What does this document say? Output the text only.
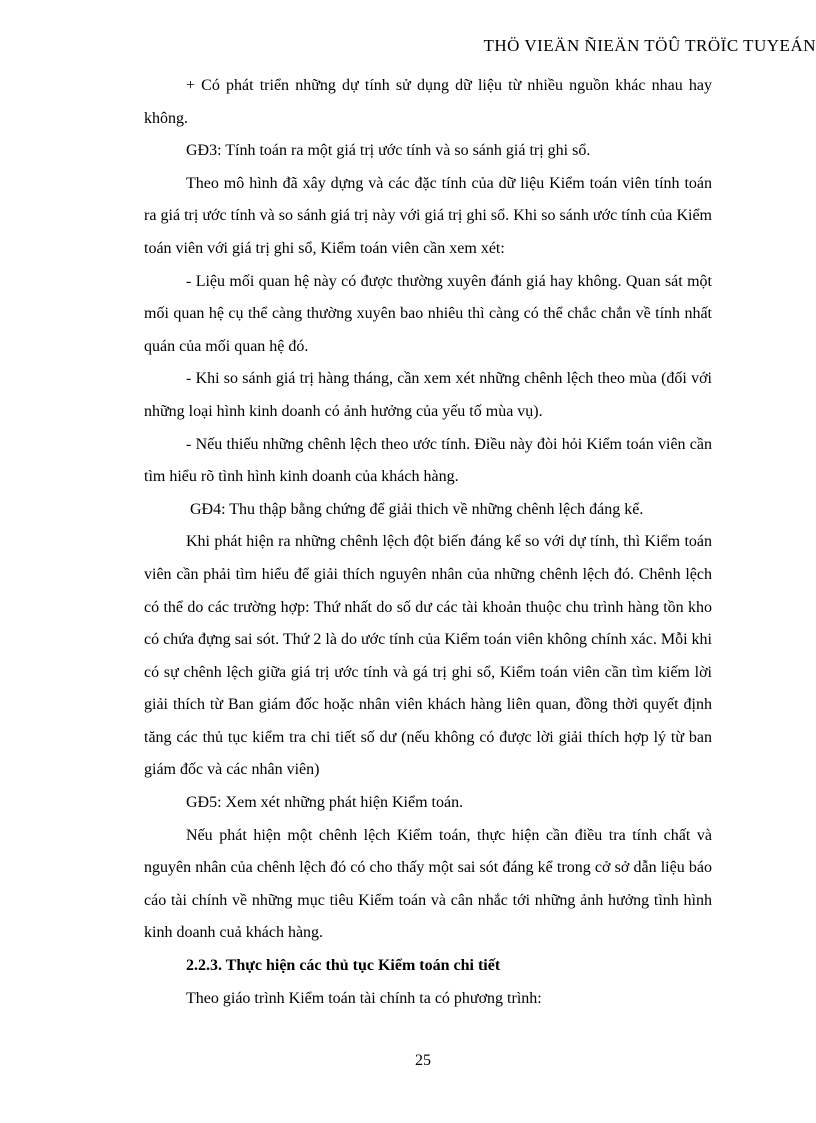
THÖ VIEÄN ÑIEÄN TÖÛ TRÖÏC TUYEÁN

+ Có phát triển những dự tính sử dụng dữ liệu từ nhiều nguồn khác nhau hay không.

GĐ3: Tính toán ra một giá trị ước tính và so sánh giá trị ghi sổ.

Theo mô hình đã xây dựng và các đặc tính của dữ liệu Kiểm toán viên tính toán ra giá trị ước tính và so sánh giá trị này với giá trị ghi sổ. Khi so sánh ước tính của Kiểm toán viên với giá trị ghi sổ, Kiểm toán viên cần xem xét:

- Liệu mối quan hệ này có được thường xuyên đánh giá hay không. Quan sát một mối quan hệ cụ thể càng thường xuyên bao nhiêu thì càng có thể chắc chắn về tính nhất quán của mối quan hệ đó.

- Khi so sánh giá trị hàng tháng, cần xem xét những chênh lệch theo mùa (đối với những loại hình kinh doanh có ảnh hưởng của yếu tố mùa vụ).

- Nếu thiếu những chênh lệch theo ước tính. Điều này đòi hỏi Kiểm toán viên cần tìm hiểu rõ tình hình kinh doanh của khách hàng.

GĐ4: Thu thập bằng chứng để giải thich về những chênh lệch đáng kể.

Khi phát hiện ra những chênh lệch đột biến đáng kể so với dự tính, thì Kiểm toán viên cần phải tìm hiểu để giải thích nguyên nhân của những chênh lệch đó. Chênh lệch có thể do các trường hợp: Thứ nhất do số dư các tài khoản thuộc chu trình hàng tồn kho có chứa đựng sai sót. Thứ 2 là do ước tính của Kiểm toán viên không chính xác. Mỗi khi có sự chênh lệch giữa giá trị ước tính và gá trị ghi sổ, Kiểm toán viên cần tìm kiếm lời giải thích từ Ban giám đốc hoặc nhân viên khách hàng liên quan, đồng thời quyết định tăng các thủ tục kiểm tra chi tiết số dư (nếu không có được lời giải thích hợp lý từ ban giám đốc và các nhân viên)

GĐ5: Xem xét những phát hiện Kiểm toán.

Nếu phát hiện một chênh lệch Kiểm toán, thực hiện cần điều tra tính chất và nguyên nhân của chênh lệch đó có cho thấy một sai sót đáng kể trong cở sở dẫn liệu báo cáo tài chính về những mục tiêu Kiểm toán và cân nhắc tới những ảnh hưởng tình hình kinh doanh cuả khách hàng.

2.2.3. Thực hiện các thủ tục Kiểm toán chi tiết

Theo giáo trình Kiểm toán tài chính ta có phương trình:

25
